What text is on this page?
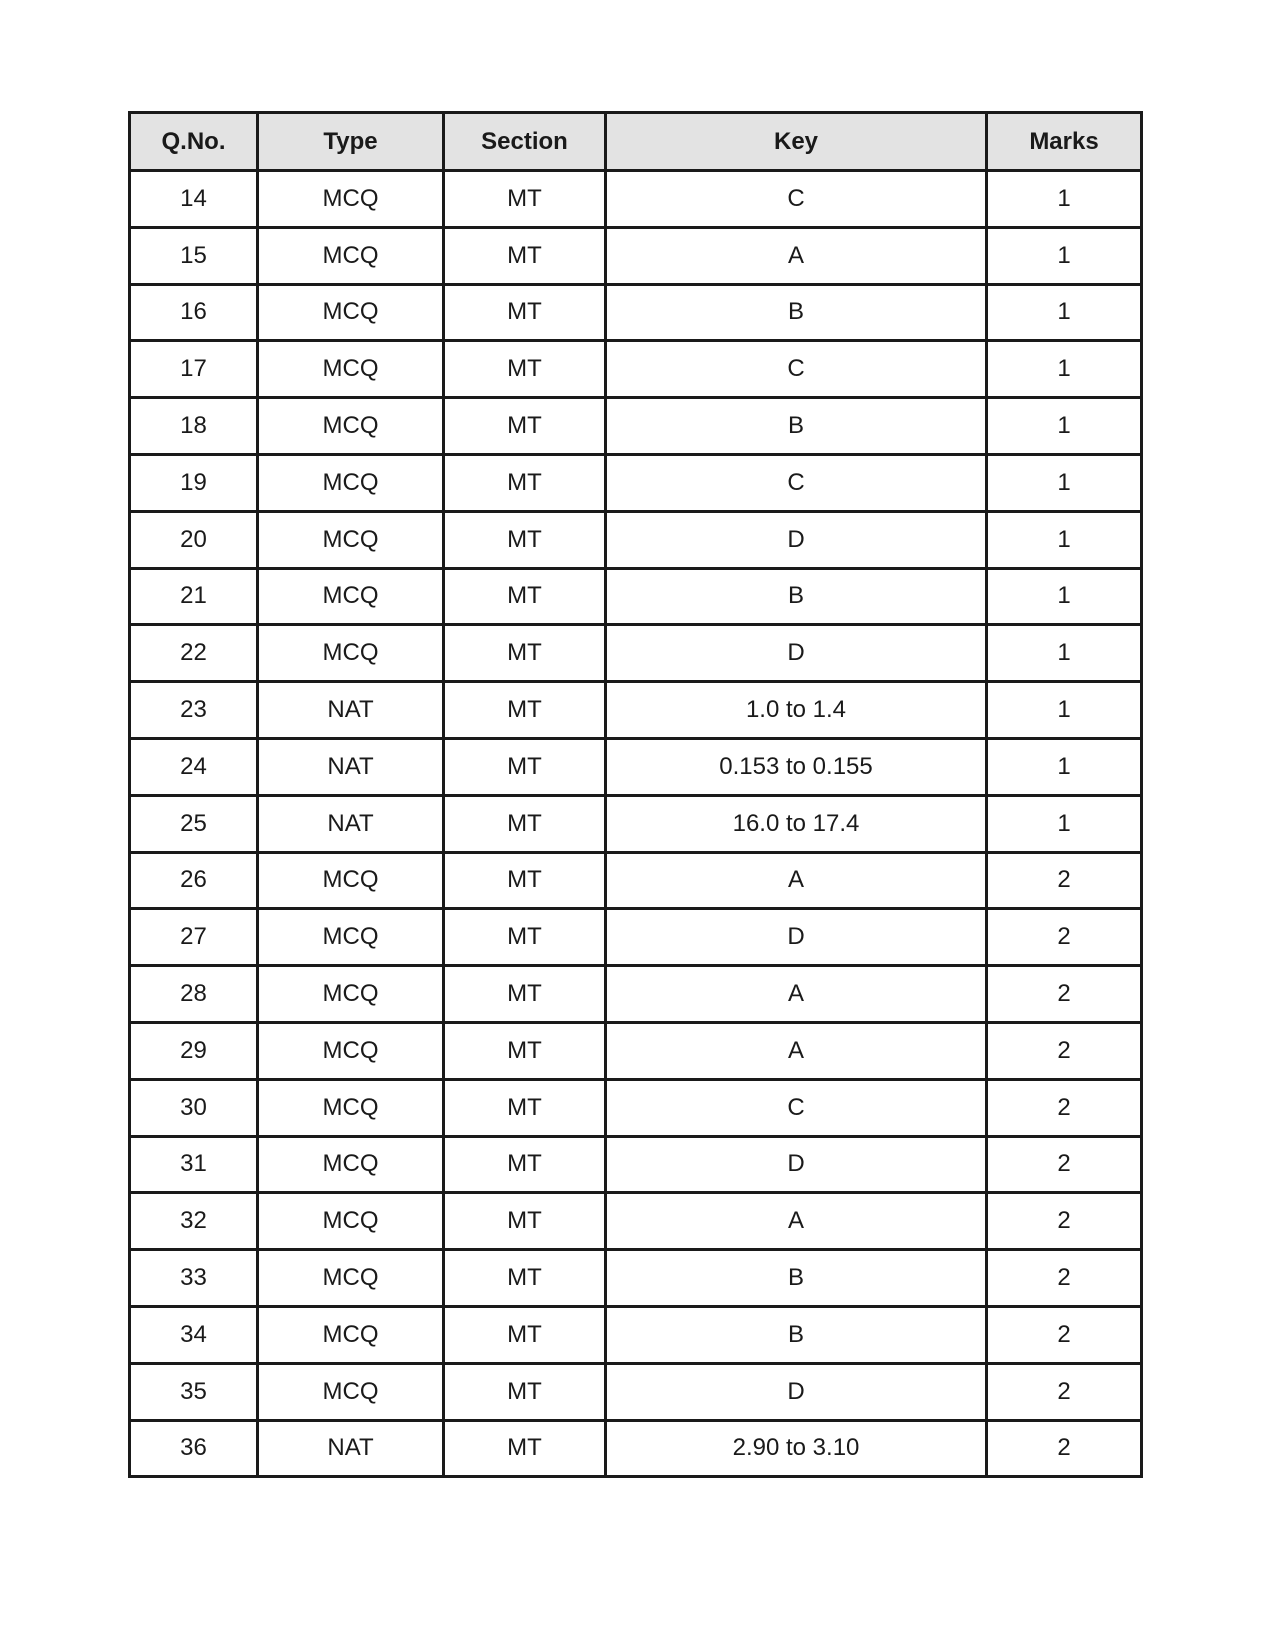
Q.No.	Type	Section	Key	Marks
14	MCQ	MT	C	1
15	MCQ	MT	A	1
16	MCQ	MT	B	1
17	MCQ	MT	C	1
18	MCQ	MT	B	1
19	MCQ	MT	C	1
20	MCQ	MT	D	1
21	MCQ	MT	B	1
22	MCQ	MT	D	1
23	NAT	MT	1.0 to 1.4	1
24	NAT	MT	0.153 to 0.155	1
25	NAT	MT	16.0 to 17.4	1
26	MCQ	MT	A	2
27	MCQ	MT	D	2
28	MCQ	MT	A	2
29	MCQ	MT	A	2
30	MCQ	MT	C	2
31	MCQ	MT	D	2
32	MCQ	MT	A	2
33	MCQ	MT	B	2
34	MCQ	MT	B	2
35	MCQ	MT	D	2
36	NAT	MT	2.90 to 3.10	2
